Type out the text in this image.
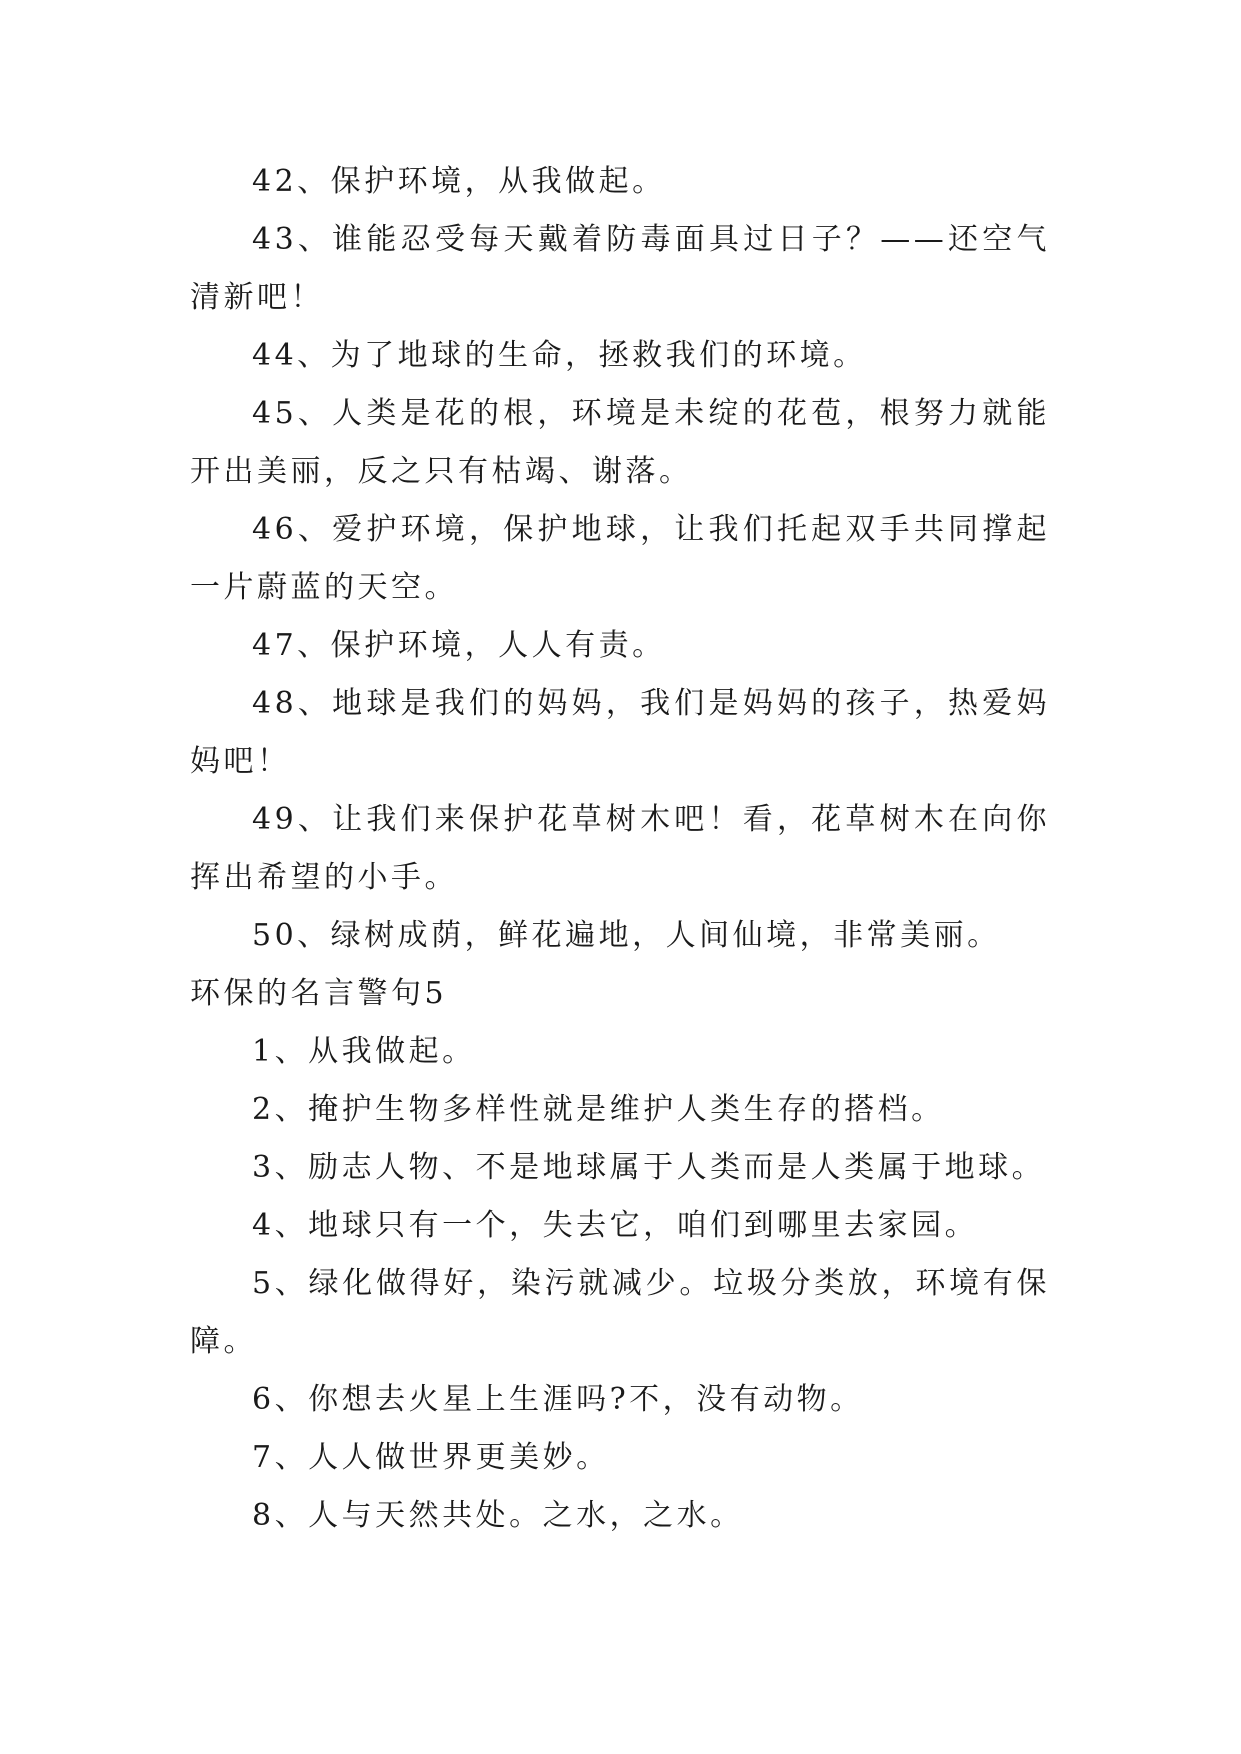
42、保护环境，从我做起。

43、谁能忍受每天戴着防毒面具过日子？——还空气清新吧！

44、为了地球的生命，拯救我们的环境。

45、人类是花的根，环境是未绽的花苞，根努力就能开出美丽，反之只有枯竭、谢落。

46、爱护环境，保护地球，让我们托起双手共同撑起一片蔚蓝的天空。

47、保护环境，人人有责。

48、地球是我们的妈妈，我们是妈妈的孩子，热爱妈妈吧！

49、让我们来保护花草树木吧！看，花草树木在向你挥出希望的小手。

50、绿树成荫，鲜花遍地，人间仙境，非常美丽。

环保的名言警句5

1、从我做起。

2、掩护生物多样性就是维护人类生存的搭档。

3、励志人物、不是地球属于人类而是人类属于地球。

4、地球只有一个，失去它，咱们到哪里去家园。

5、绿化做得好，染污就减少。垃圾分类放，环境有保障。

6、你想去火星上生涯吗?不，没有动物。

7、人人做世界更美妙。

8、人与天然共处。之水，之水。
